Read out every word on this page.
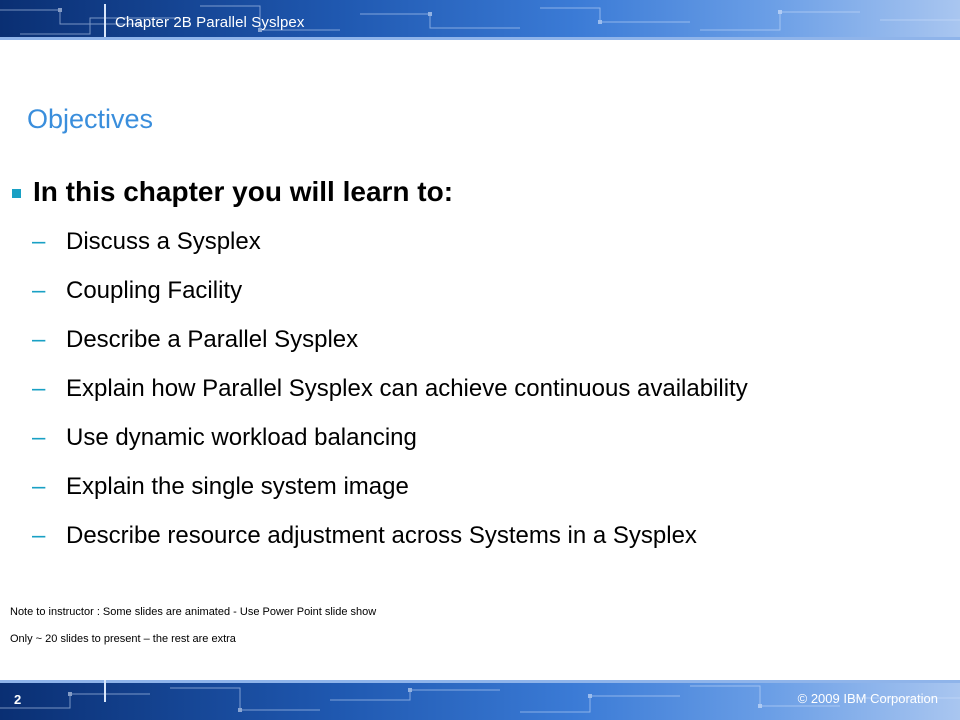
Chapter 2B Parallel Syslpex
Objectives
In this chapter you will learn to:
– Discuss a Sysplex
– Coupling Facility
– Describe a Parallel Sysplex
– Explain how Parallel Sysplex can achieve continuous availability
– Use dynamic workload balancing
– Explain the single system image
– Describe resource adjustment across Systems in a Sysplex
Note to instructor : Some slides are animated - Use Power Point slide show
Only ~ 20 slides to present – the rest are extra
2	© 2009 IBM Corporation
